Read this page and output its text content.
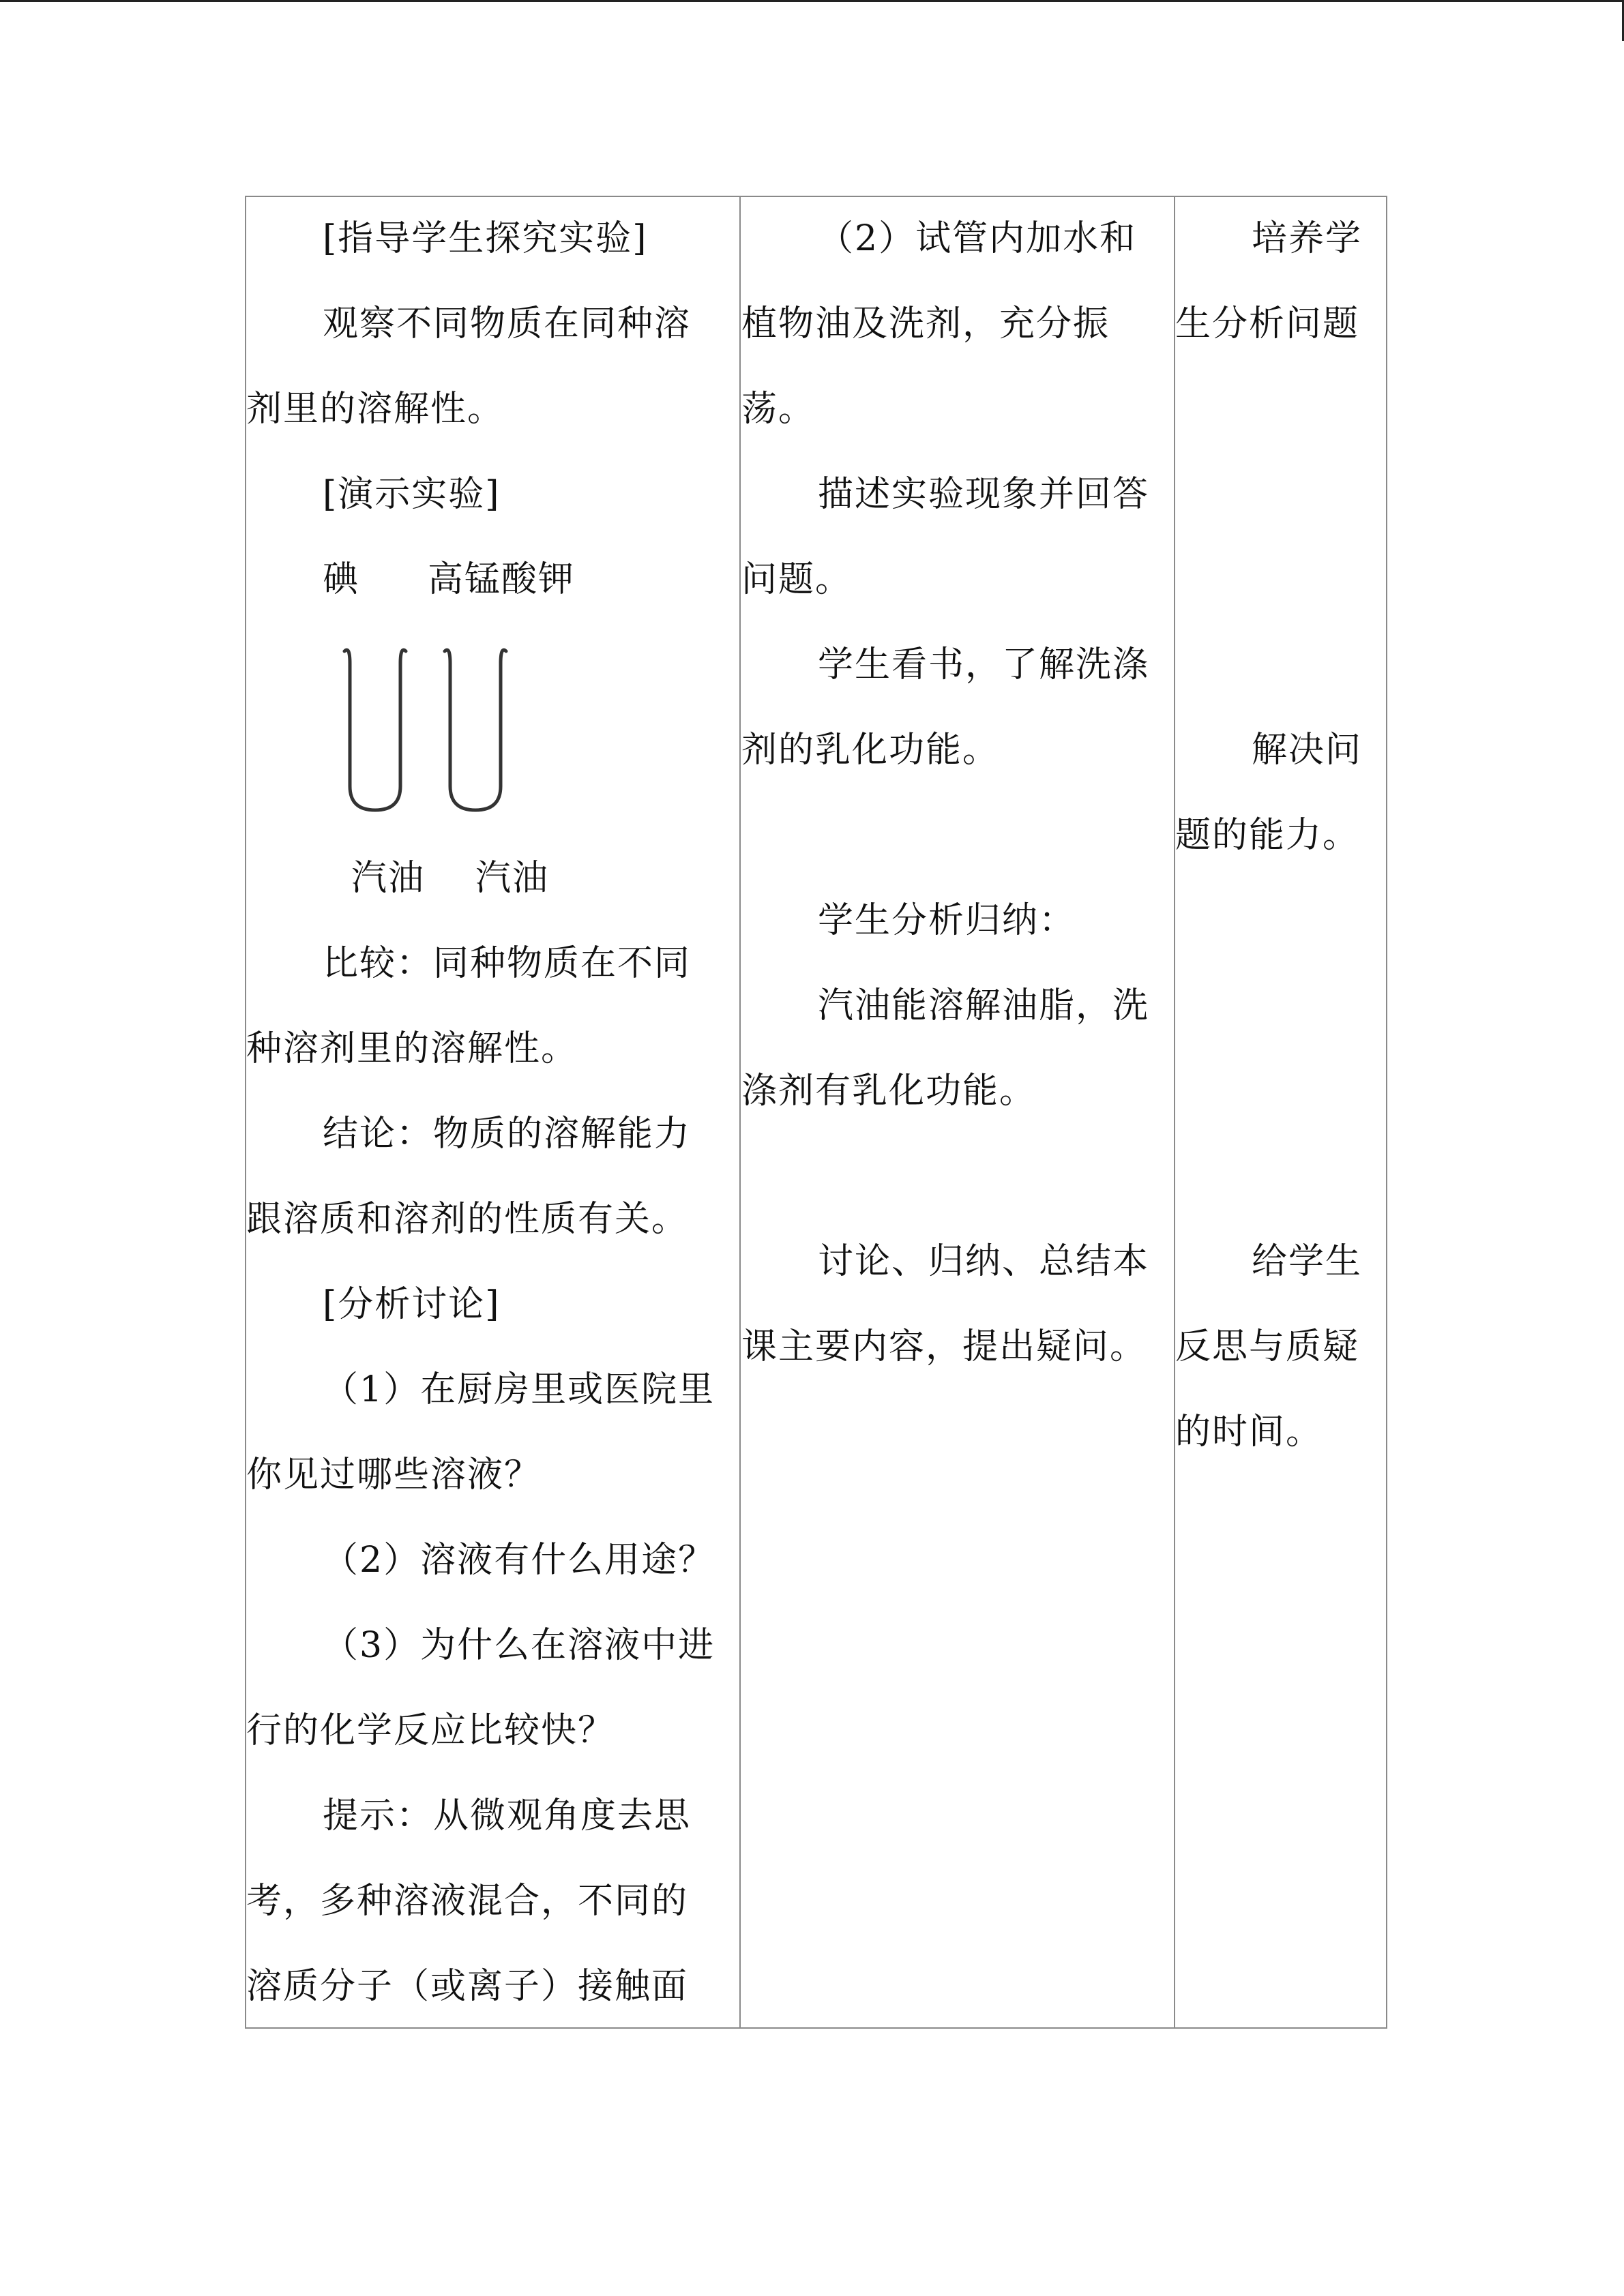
[指导学生探究实验]
观察不同物质在同种溶
剂里的溶解性。
[演示实验]
碘 高锰酸钾
汽油 汽油
比较：同种物质在不同
种溶剂里的溶解性。
结论：物质的溶解能力
跟溶质和溶剂的性质有关。
[分析讨论]
（1）在厨房里或医院里
你见过哪些溶液？
（2）溶液有什么用途？
（3）为什么在溶液中进
行的化学反应比较快？
提示：从微观角度去思
考，多种溶液混合，不同的
溶质分子（或离子）接触面
（2）试管内加水和
植物油及洗剂，充分振
荡。
描述实验现象并回答
问题。
学生看书，了解洗涤
剂的乳化功能。
学生分析归纳：
汽油能溶解油脂，洗
涤剂有乳化功能。
讨论、归纳、总结本
课主要内容，提出疑问。
培养学
生分析问题
解决问
题的能力。
给学生
反思与质疑
的时间。
